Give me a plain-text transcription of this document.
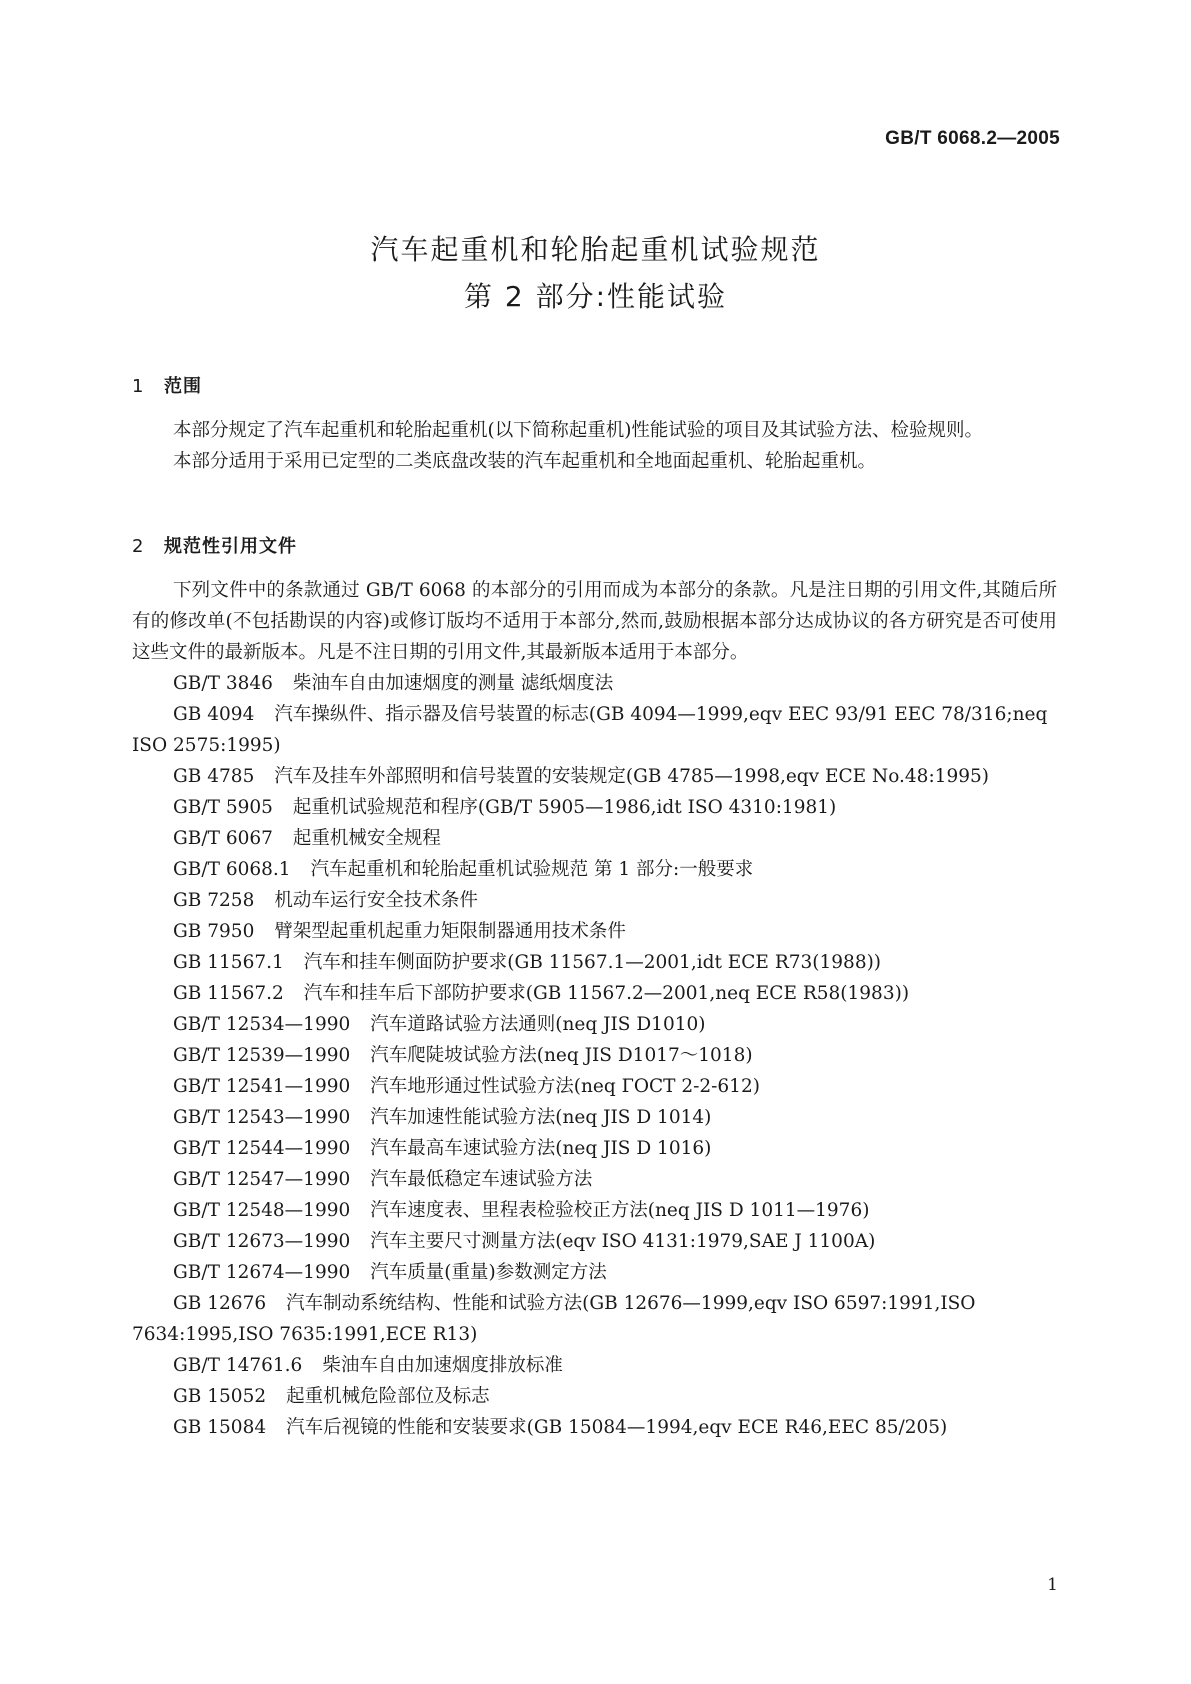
GB/T 6068.2—2005
汽车起重机和轮胎起重机试验规范
第 2 部分:性能试验
1 范围

本部分规定了汽车起重机和轮胎起重机(以下简称起重机)性能试验的项目及其试验方法、检验规则。

本部分适用于采用已定型的二类底盘改装的汽车起重机和全地面起重机、轮胎起重机。

2 规范性引用文件

下列文件中的条款通过 GB/T 6068 的本部分的引用而成为本部分的条款。凡是注日期的引用文件,其随后所有的修改单(不包括勘误的内容)或修订版均不适用于本部分,然而,鼓励根据本部分达成协议的各方研究是否可使用这些文件的最新版本。凡是不注日期的引用文件,其最新版本适用于本部分。

GB/T 3846 柴油车自由加速烟度的测量 滤纸烟度法
GB 4094 汽车操纵件、指示器及信号装置的标志(GB 4094—1999,eqv EEC 93/91 EEC 78/316;neq ISO 2575:1995)
GB 4785 汽车及挂车外部照明和信号装置的安装规定(GB 4785—1998,eqv ECE No.48:1995)
GB/T 5905 起重机试验规范和程序(GB/T 5905—1986,idt ISO 4310:1981)
GB/T 6067 起重机械安全规程
GB/T 6068.1 汽车起重机和轮胎起重机试验规范 第 1 部分:一般要求
GB 7258 机动车运行安全技术条件
GB 7950 臂架型起重机起重力矩限制器通用技术条件
GB 11567.1 汽车和挂车侧面防护要求(GB 11567.1—2001,idt ECE R73(1988))
GB 11567.2 汽车和挂车后下部防护要求(GB 11567.2—2001,neq ECE R58(1983))
GB/T 12534—1990 汽车道路试验方法通则(neq JIS D1010)
GB/T 12539—1990 汽车爬陡坡试验方法(neq JIS D1017～1018)
GB/T 12541—1990 汽车地形通过性试验方法(neq ГОСТ 2-2-612)
GB/T 12543—1990 汽车加速性能试验方法(neq JIS D 1014)
GB/T 12544—1990 汽车最高车速试验方法(neq JIS D 1016)
GB/T 12547—1990 汽车最低稳定车速试验方法
GB/T 12548—1990 汽车速度表、里程表检验校正方法(neq JIS D 1011—1976)
GB/T 12673—1990 汽车主要尺寸测量方法(eqv ISO 4131:1979,SAE J 1100A)
GB/T 12674—1990 汽车质量(重量)参数测定方法
GB 12676 汽车制动系统结构、性能和试验方法(GB 12676—1999,eqv ISO 6597:1991,ISO 7634:1995,ISO 7635:1991,ECE R13)
GB/T 14761.6 柴油车自由加速烟度排放标准
GB 15052 起重机械危险部位及标志
GB 15084 汽车后视镜的性能和安装要求(GB 15084—1994,eqv ECE R46,EEC 85/205)
1
